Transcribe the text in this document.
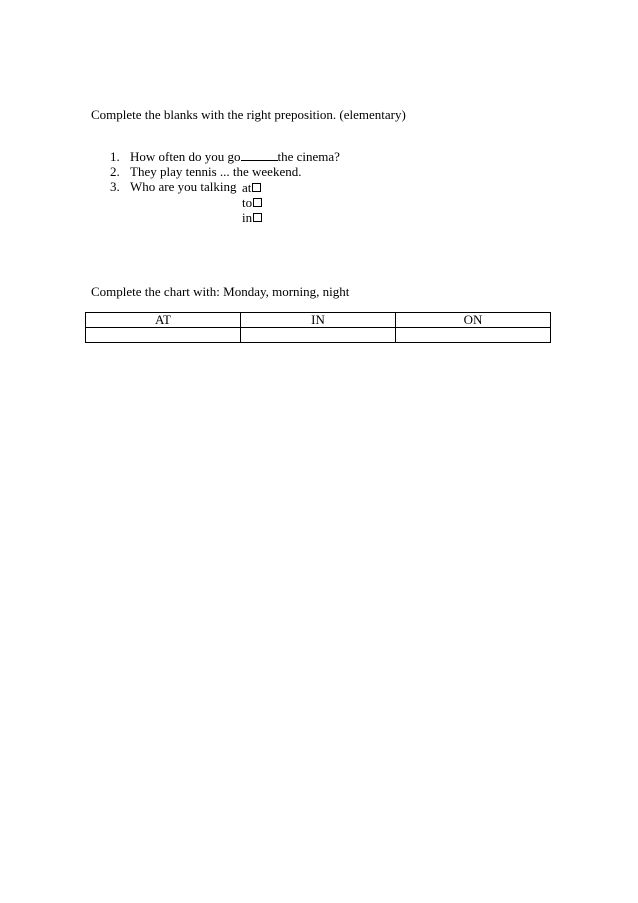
Complete the blanks with the right preposition. (elementary)
1. How often do you go	the cinema?
2. They play tennis ... the weekend.
3. Who are you talking at
to
in
Complete the chart with: Monday, morning, night
AT	IN	ON
